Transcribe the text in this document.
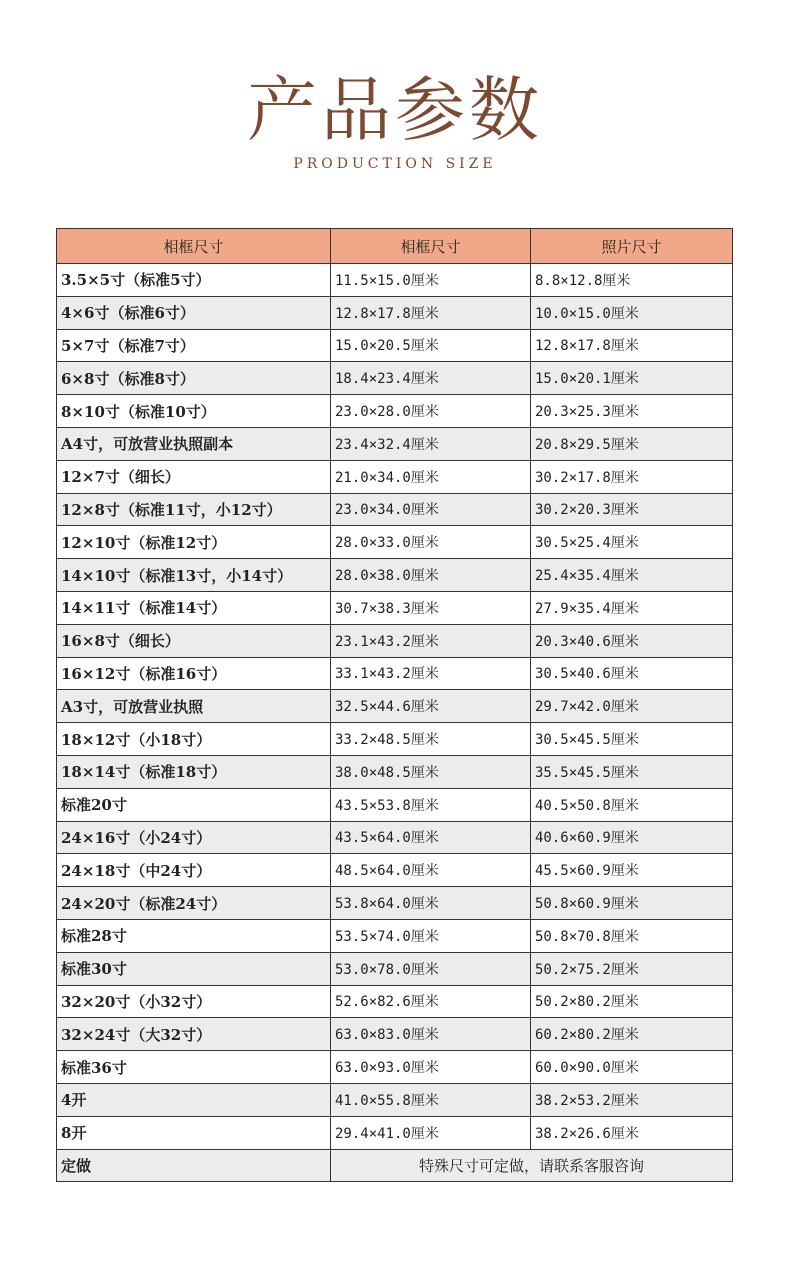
产品参数
PRODUCTION SIZE
相框尺寸	相框尺寸	照片尺寸
3.5×5寸（标准5寸）	11.5×15.0厘米	8.8×12.8厘米
4×6寸（标准6寸）	12.8×17.8厘米	10.0×15.0厘米
5×7寸（标准7寸）	15.0×20.5厘米	12.8×17.8厘米
6×8寸（标准8寸）	18.4×23.4厘米	15.0×20.1厘米
8×10寸（标准10寸）	23.0×28.0厘米	20.3×25.3厘米
A4寸，可放营业执照副本	23.4×32.4厘米	20.8×29.5厘米
12×7寸（细长）	21.0×34.0厘米	30.2×17.8厘米
12×8寸（标准11寸，小12寸）	23.0×34.0厘米	30.2×20.3厘米
12×10寸（标准12寸）	28.0×33.0厘米	30.5×25.4厘米
14×10寸（标准13寸，小14寸）	28.0×38.0厘米	25.4×35.4厘米
14×11寸（标准14寸）	30.7×38.3厘米	27.9×35.4厘米
16×8寸（细长）	23.1×43.2厘米	20.3×40.6厘米
16×12寸（标准16寸）	33.1×43.2厘米	30.5×40.6厘米
A3寸，可放营业执照	32.5×44.6厘米	29.7×42.0厘米
18×12寸（小18寸）	33.2×48.5厘米	30.5×45.5厘米
18×14寸（标准18寸）	38.0×48.5厘米	35.5×45.5厘米
标准20寸	43.5×53.8厘米	40.5×50.8厘米
24×16寸（小24寸）	43.5×64.0厘米	40.6×60.9厘米
24×18寸（中24寸）	48.5×64.0厘米	45.5×60.9厘米
24×20寸（标准24寸）	53.8×64.0厘米	50.8×60.9厘米
标准28寸	53.5×74.0厘米	50.8×70.8厘米
标准30寸	53.0×78.0厘米	50.2×75.2厘米
32×20寸（小32寸）	52.6×82.6厘米	50.2×80.2厘米
32×24寸（大32寸）	63.0×83.0厘米	60.2×80.2厘米
标准36寸	63.0×93.0厘米	60.0×90.0厘米
4开	41.0×55.8厘米	38.2×53.2厘米
8开	29.4×41.0厘米	38.2×26.6厘米
定做	特殊尺寸可定做，请联系客服咨询	
